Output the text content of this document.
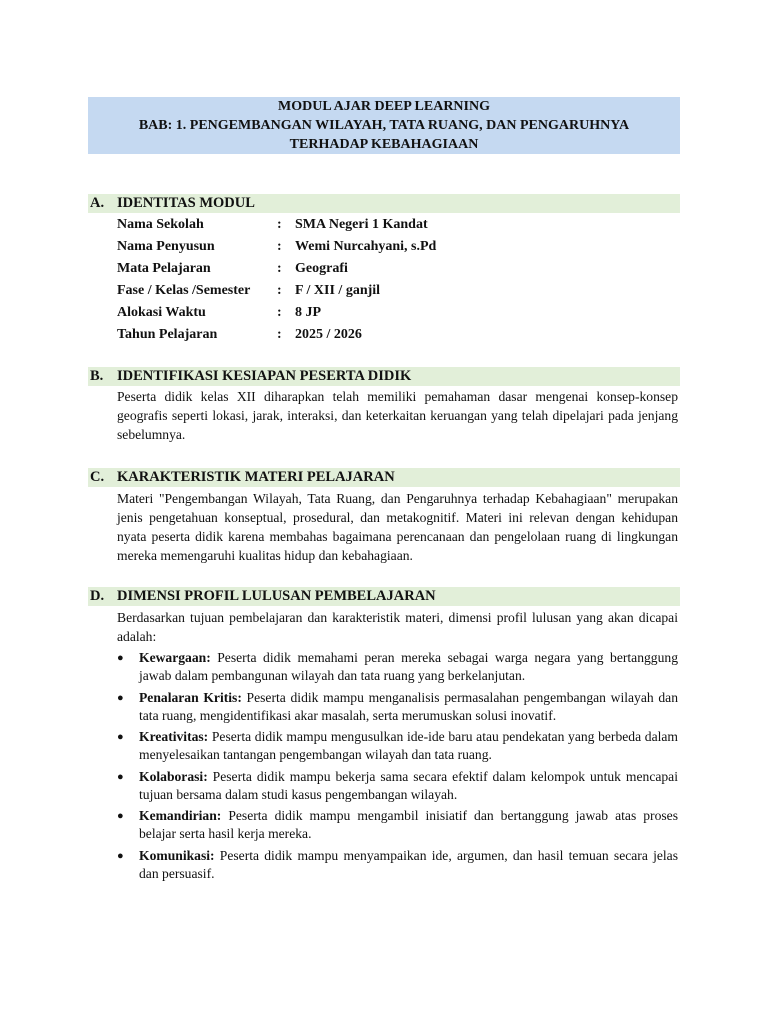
MODUL AJAR DEEP LEARNING
BAB: 1. PENGEMBANGAN WILAYAH, TATA RUANG, DAN PENGARUHNYA
TERHADAP KEBAHAGIAAN
A. IDENTITAS MODUL
Nama Sekolah	: SMA Negeri 1 Kandat
Nama Penyusun	: Wemi Nurcahyani, s.Pd
Mata Pelajaran	: Geografi
Fase / Kelas /Semester : F / XII / ganjil
Alokasi Waktu	: 8 JP
Tahun Pelajaran	: 2025 / 2026
B. IDENTIFIKASI KESIAPAN PESERTA DIDIK
Peserta didik kelas XII diharapkan telah memiliki pemahaman dasar mengenai konsep-konsep geografis seperti lokasi, jarak, interaksi, dan keterkaitan keruangan yang telah dipelajari pada jenjang sebelumnya.
C. KARAKTERISTIK MATERI PELAJARAN
Materi "Pengembangan Wilayah, Tata Ruang, dan Pengaruhnya terhadap Kebahagiaan" merupakan jenis pengetahuan konseptual, prosedural, dan metakognitif. Materi ini relevan dengan kehidupan nyata peserta didik karena membahas bagaimana perencanaan dan pengelolaan ruang di lingkungan mereka memengaruhi kualitas hidup dan kebahagiaan.
D. DIMENSI PROFIL LULUSAN PEMBELAJARAN
Berdasarkan tujuan pembelajaran dan karakteristik materi, dimensi profil lulusan yang akan dicapai adalah:
● Kewargaan: Peserta didik memahami peran mereka sebagai warga negara yang bertanggung jawab dalam pembangunan wilayah dan tata ruang yang berkelanjutan.
● Penalaran Kritis: Peserta didik mampu menganalisis permasalahan pengembangan wilayah dan tata ruang, mengidentifikasi akar masalah, serta merumuskan solusi inovatif.
● Kreativitas: Peserta didik mampu mengusulkan ide-ide baru atau pendekatan yang berbeda dalam menyelesaikan tantangan pengembangan wilayah dan tata ruang.
● Kolaborasi: Peserta didik mampu bekerja sama secara efektif dalam kelompok untuk mencapai tujuan bersama dalam studi kasus pengembangan wilayah.
● Kemandirian: Peserta didik mampu mengambil inisiatif dan bertanggung jawab atas proses belajar serta hasil kerja mereka.
● Komunikasi: Peserta didik mampu menyampaikan ide, argumen, dan hasil temuan secara jelas dan persuasif.
